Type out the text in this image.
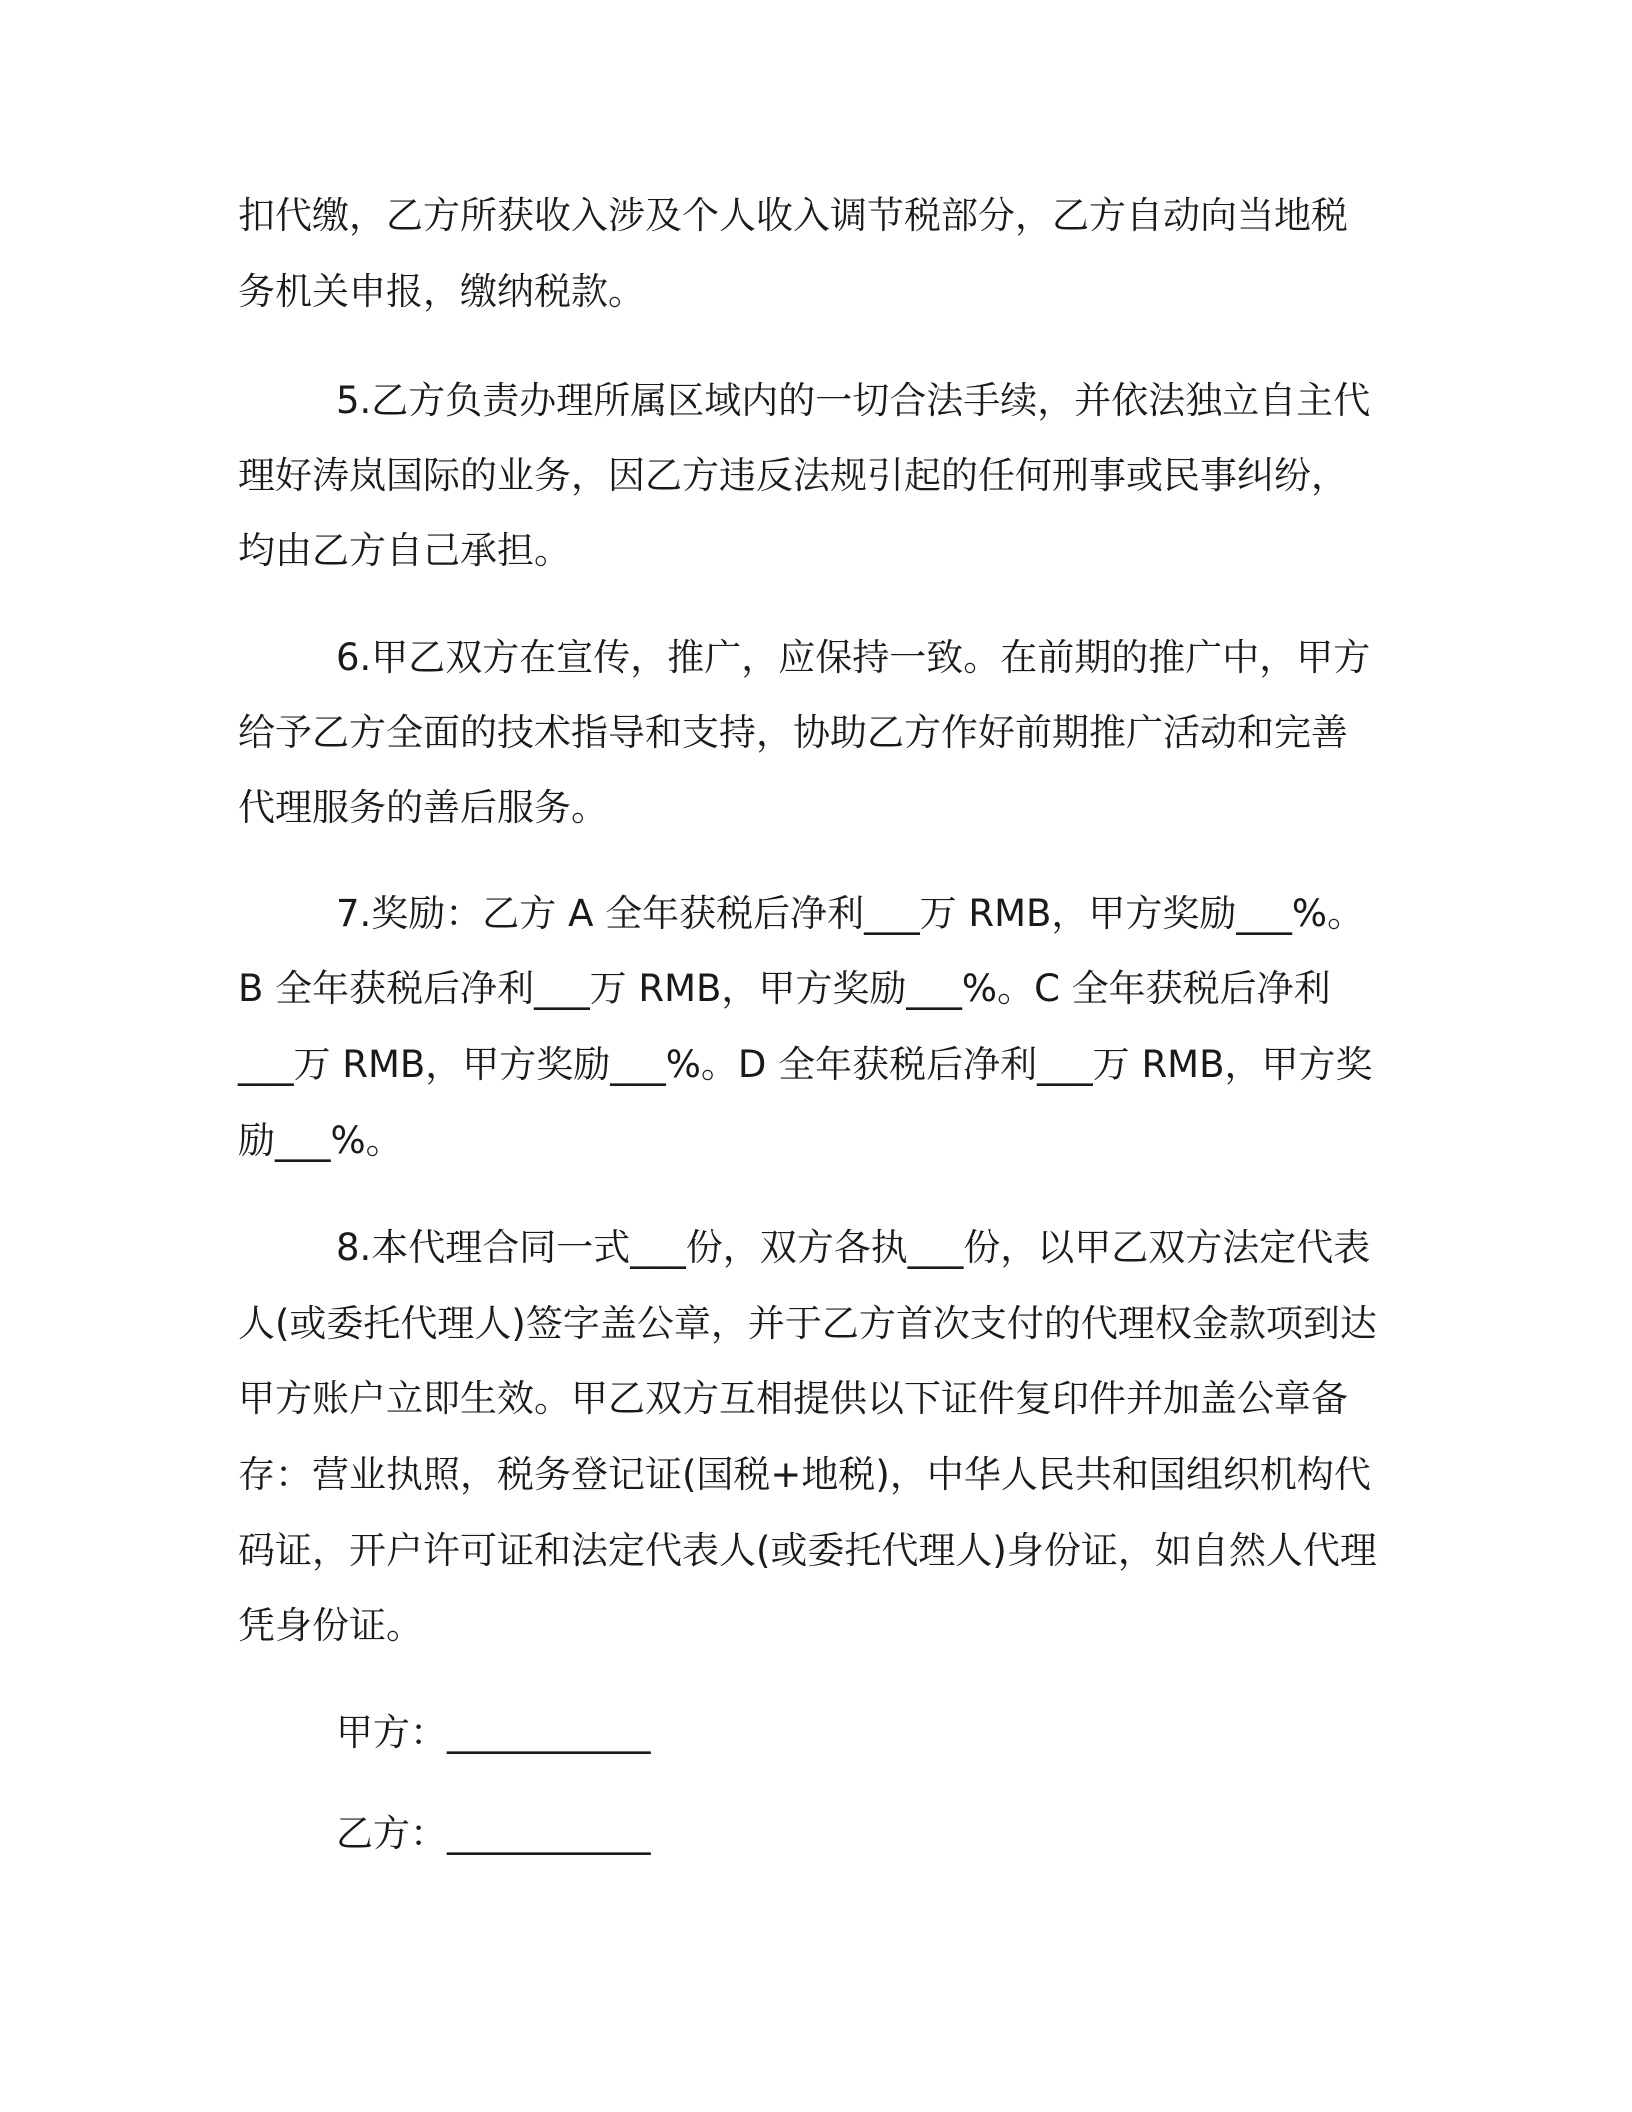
扣代缴，乙方所获收入涉及个人收入调节税部分，乙方自动向当地税
务机关申报，缴纳税款。
5.乙方负责办理所属区域内的一切合法手续，并依法独立自主代
理好涛岚国际的业务，因乙方违反法规引起的任何刑事或民事纠纷，
均由乙方自己承担。
6.甲乙双方在宣传，推广，应保持一致。在前期的推广中，甲方
给予乙方全面的技术指导和支持，协助乙方作好前期推广活动和完善
代理服务的善后服务。
7.奖励：乙方 A 全年获税后净利___万 RMB，甲方奖励___%。
B 全年获税后净利___万 RMB，甲方奖励___%。C 全年获税后净利
___万 RMB，甲方奖励___%。D 全年获税后净利___万 RMB，甲方奖
励___%。
8.本代理合同一式___份，双方各执___份，以甲乙双方法定代表
人(或委托代理人)签字盖公章，并于乙方首次支付的代理权金款项到达
甲方账户立即生效。甲乙双方互相提供以下证件复印件并加盖公章备
存：营业执照，税务登记证(国税+地税)，中华人民共和国组织机构代
码证，开户许可证和法定代表人(或委托代理人)身份证，如自然人代理
凭身份证。
甲方：___________
乙方：___________
